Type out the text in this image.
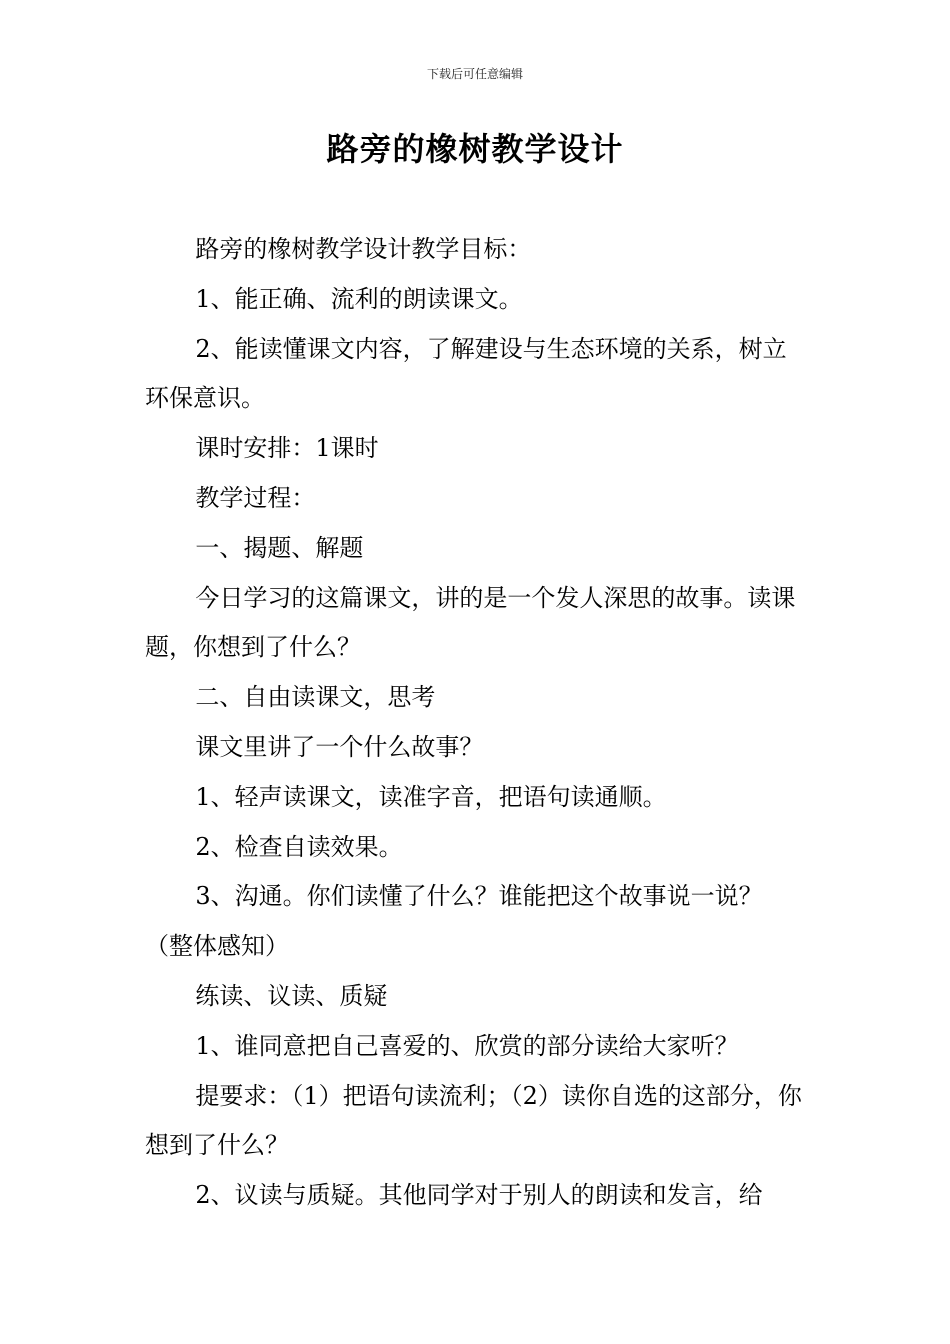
下载后可任意编辑
路旁的橡树教学设计

路旁的橡树教学设计教学目标：

1、能正确、流利的朗读课文。

2、能读懂课文内容，了解建设与生态环境的关系，树立环保意识。

课时安排：1课时

教学过程：

一、揭题、解题

今日学习的这篇课文，讲的是一个发人深思的故事。读课题，你想到了什么？

二、自由读课文，思考

课文里讲了一个什么故事？

1、轻声读课文，读准字音，把语句读通顺。

2、检查自读效果。

3、沟通。你们读懂了什么？谁能把这个故事说一说？（整体感知）

练读、议读、质疑

1、谁同意把自己喜爱的、欣赏的部分读给大家听？

提要求：（1）把语句读流利；（2）读你自选的这部分，你想到了什么？

2、议读与质疑。其他同学对于别人的朗读和发言，给
